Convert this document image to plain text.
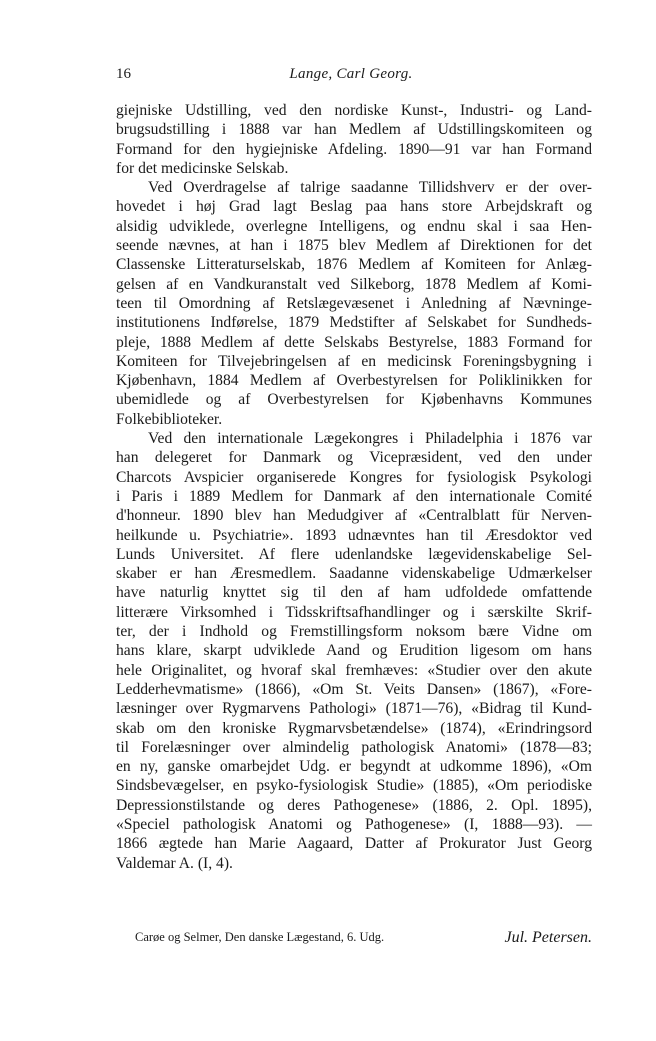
16	Lange, Carl Georg.
giejniske Udstilling, ved den nordiske Kunst-, Industri- og Land-
brugsudstilling i 1888 var han Medlem af Udstillingskomiteen og
Formand for den hygiejniske Afdeling. 1890—91 var han Formand
for det medicinske Selskab.
Ved Overdragelse af talrige saadanne Tillidshverv er der over-
hovedet i høj Grad lagt Beslag paa hans store Arbejdskraft og
alsidig udviklede, overlegne Intelligens, og endnu skal i saa Hen-
seende nævnes, at han i 1875 blev Medlem af Direktionen for det
Classenske Litteraturselskab, 1876 Medlem af Komiteen for Anlæg-
gelsen af en Vandkuranstalt ved Silkeborg, 1878 Medlem af Komi-
teen til Omordning af Retslægevæsenet i Anledning af Nævninge-
institutionens Indførelse, 1879 Medstifter af Selskabet for Sundheds-
pleje, 1888 Medlem af dette Selskabs Bestyrelse, 1883 Formand for
Komiteen for Tilvejebringelsen af en medicinsk Foreningsbygning i
Kjøbenhavn, 1884 Medlem af Overbestyrelsen for Poliklinikken for
ubemidlede og af Overbestyrelsen for Kjøbenhavns Kommunes
Folkebiblioteker.
Ved den internationale Lægekongres i Philadelphia i 1876 var
han delegeret for Danmark og Vicepræsident, ved den under
Charcots Avspicier organiserede Kongres for fysiologisk Psykologi
i Paris i 1889 Medlem for Danmark af den internationale Comité
d'honneur. 1890 blev han Medudgiver af «Centralblatt für Nerven-
heilkunde u. Psychiatrie». 1893 udnævntes han til Æresdoktor ved
Lunds Universitet. Af flere udenlandske lægevidenskabelige Sel-
skaber er han Æresmedlem. Saadanne videnskabelige Udmærkelser
have naturlig knyttet sig til den af ham udfoldede omfattende
litterære Virksomhed i Tidsskriftsafhandlinger og i særskilte Skrif-
ter, der i Indhold og Fremstillingsform noksom bære Vidne om
hans klare, skarpt udviklede Aand og Erudition ligesom om hans
hele Originalitet, og hvoraf skal fremhæves: «Studier over den akute
Ledderhevmatisme» (1866), «Om St. Veits Dansen» (1867), «Fore-
læsninger over Rygmarvens Pathologi» (1871—76), «Bidrag til Kund-
skab om den kroniske Rygmarvsbetændelse» (1874), «Erindringsord
til Forelæsninger over almindelig pathologisk Anatomi» (1878—83;
en ny, ganske omarbejdet Udg. er begyndt at udkomme 1896), «Om
Sindsbevægelser, en psyko-fysiologisk Studie» (1885), «Om periodiske
Depressionstilstande og deres Pathogenese» (1886, 2. Opl. 1895),
«Speciel pathologisk Anatomi og Pathogenese» (I, 1888—93). —
1866 ægtede han Marie Aagaard, Datter af Prokurator Just Georg
Valdemar A. (I, 4).
Carøe og Selmer, Den danske Lægestand, 6. Udg.	Jul. Petersen.
